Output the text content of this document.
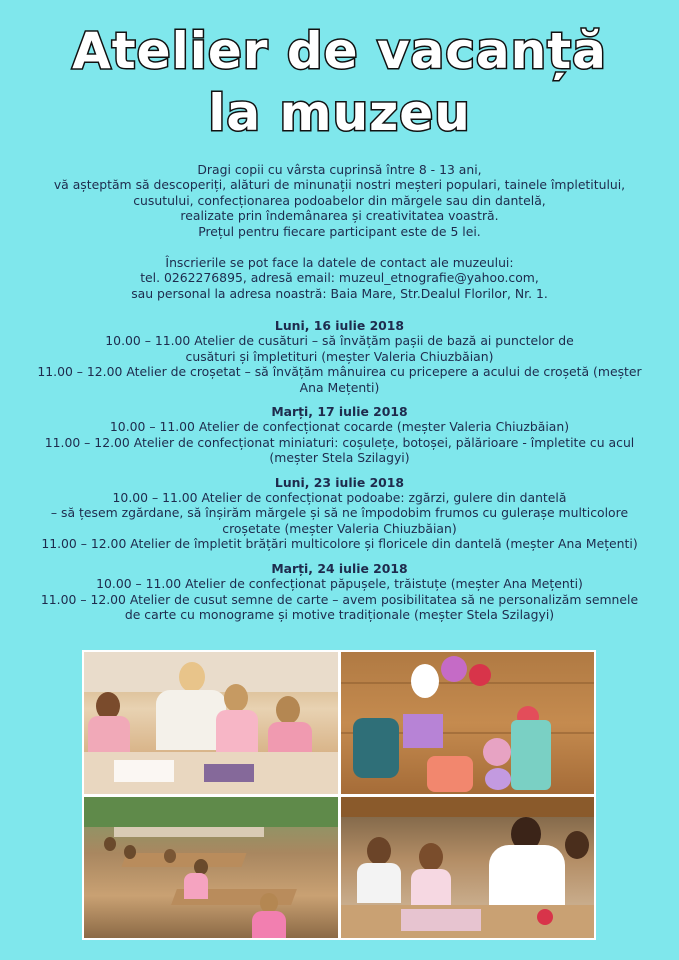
Atelier de vacanță
la muzeu
Dragi copii cu vârsta cuprinsă între 8 - 13 ani,
vă așteptăm să descoperiți, alături de minunații nostri meșteri populari, tainele împletitului,
cusutului, confecționarea podoabelor din mărgele sau din dantelă,
realizate prin îndemânarea și creativitatea voastră.
Prețul pentru fiecare participant este de 5 lei.
Înscrierile se pot face la datele de contact ale muzeului:
tel. 0262276895, adresă email: muzeul_etnografie@yahoo.com,
sau personal la adresa noastră: Baia Mare, Str.Dealul Florilor, Nr. 1.

Luni, 16 iulie 2018

10.00 – 11.00 Atelier de cusături – să învățăm pașii de bază ai punctelor de

cusături și împletituri (meșter Valeria Chiuzbăian)

11.00 – 12.00 Atelier de croșetat – să învățăm mânuirea cu pricepere a acului de croșetă (meșter

Ana Mețenti)

Marți, 17 iulie 2018

10.00 – 11.00 Atelier de confecționat cocarde (meșter Valeria Chiuzbăian)

11.00 – 12.00 Atelier de confecționat miniaturi: coșulețe, botoșei, pălărioare - împletite cu acul

(meșter Stela Szilagyi)

Luni, 23 iulie 2018

10.00 – 11.00 Atelier de confecționat podoabe: zgărzi, gulere din dantelă

– să țesem zgărdane, să înșirăm mărgele și să ne împodobim frumos cu gulerașe multicolore

croșetate (meșter Valeria Chiuzbăian)

11.00 – 12.00 Atelier de împletit brățări multicolore și floricele din dantelă (meșter Ana Mețenti)

Marți, 24 iulie 2018

10.00 – 11.00 Atelier de confecționat păpușele, trăistuțe (meșter Ana Mețenti)

11.00 – 12.00 Atelier de cusut semne de carte – avem posibilitatea să ne personalizăm semnele

de carte cu monograme și motive tradiționale (meșter Stela Szilagyi)
